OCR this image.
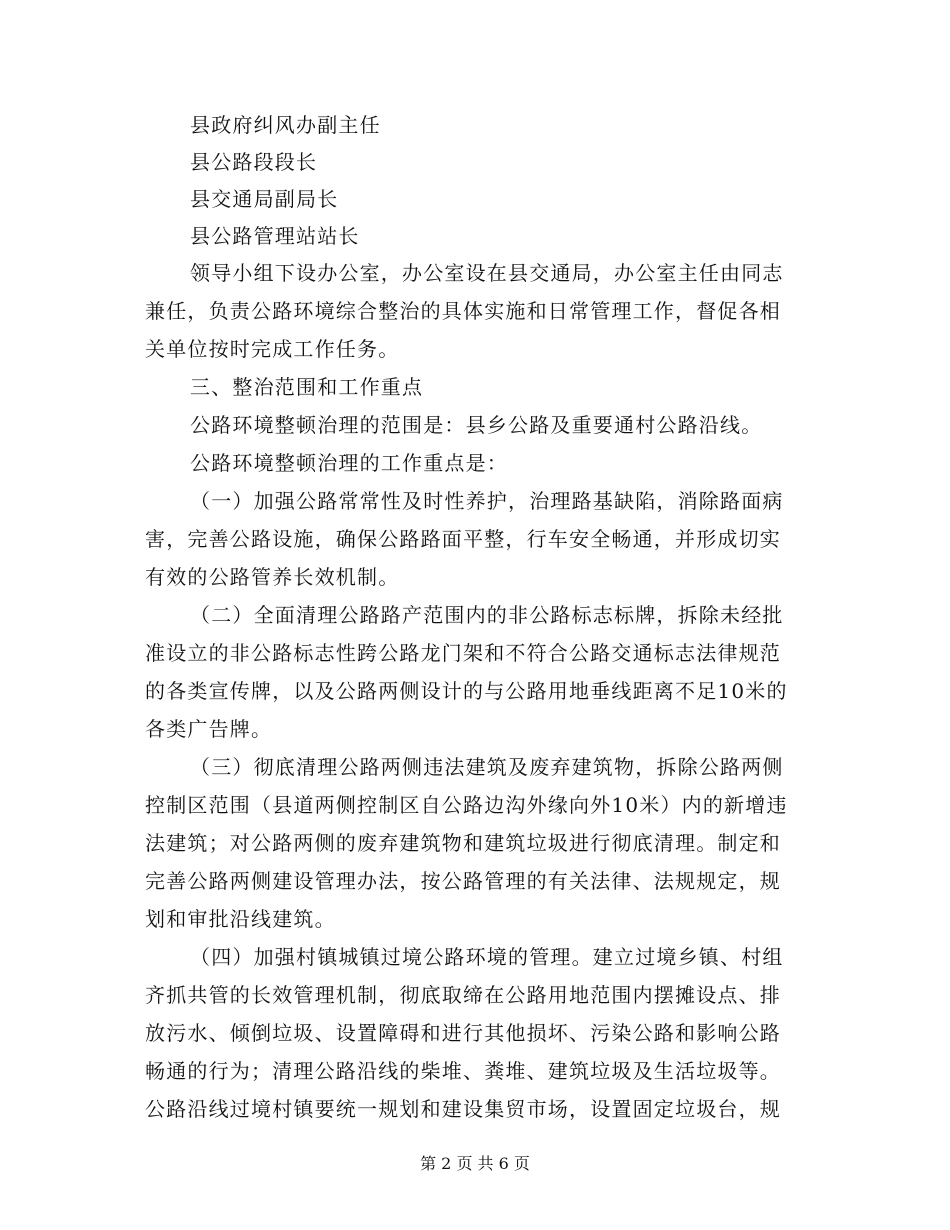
县政府纠风办副主任
县公路段段长
县交通局副局长
县公路管理站站长
领导小组下设办公室，办公室设在县交通局，办公室主任由同志
兼任，负责公路环境综合整治的具体实施和日常管理工作，督促各相
关单位按时完成工作任务。
三、整治范围和工作重点
公路环境整顿治理的范围是：县乡公路及重要通村公路沿线。
公路环境整顿治理的工作重点是：
（一）加强公路常常性及时性养护，治理路基缺陷，消除路面病
害，完善公路设施，确保公路路面平整，行车安全畅通，并形成切实
有效的公路管养长效机制。
（二）全面清理公路路产范围内的非公路标志标牌，拆除未经批
准设立的非公路标志性跨公路龙门架和不符合公路交通标志法律规范
的各类宣传牌，以及公路两侧设计的与公路用地垂线距离不足10米的
各类广告牌。
（三）彻底清理公路两侧违法建筑及废弃建筑物，拆除公路两侧
控制区范围（县道两侧控制区自公路边沟外缘向外10米）内的新增违
法建筑；对公路两侧的废弃建筑物和建筑垃圾进行彻底清理。制定和
完善公路两侧建设管理办法，按公路管理的有关法律、法规规定，规
划和审批沿线建筑。
（四）加强村镇城镇过境公路环境的管理。建立过境乡镇、村组
齐抓共管的长效管理机制，彻底取缔在公路用地范围内摆摊设点、排
放污水、倾倒垃圾、设置障碍和进行其他损坏、污染公路和影响公路
畅通的行为；清理公路沿线的柴堆、粪堆、建筑垃圾及生活垃圾等。
公路沿线过境村镇要统一规划和建设集贸市场，设置固定垃圾台，规
第 2 页 共 6 页
